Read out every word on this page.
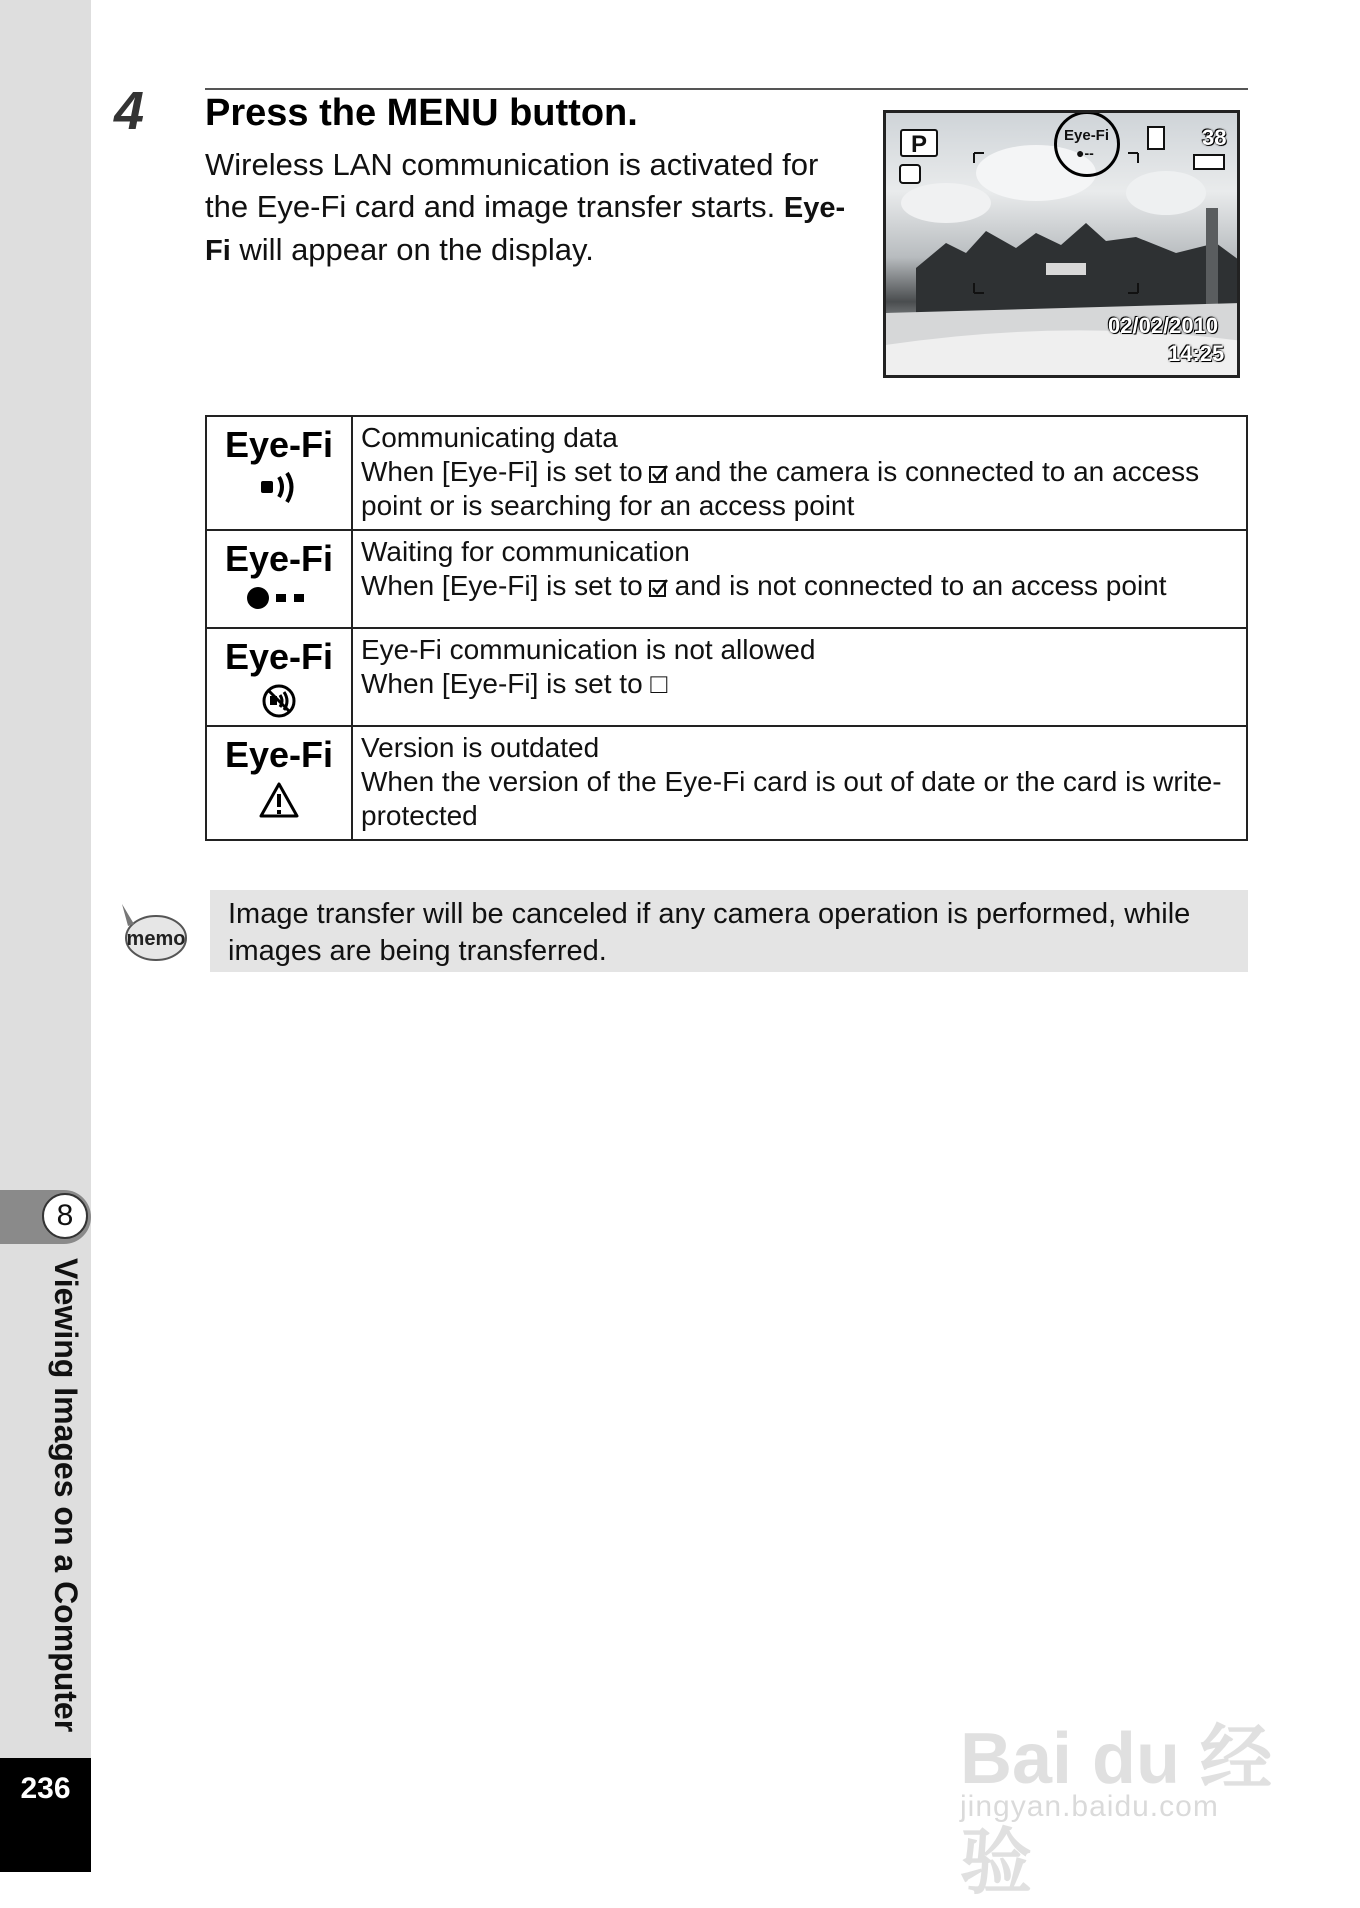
8
Viewing Images on a Computer
236
4 Press the MENU button.
Wireless LAN communication is activated for the Eye-Fi card and image transfer starts. Eye-Fi will appear on the display.
P	Eye-Fi
●--
38
02/02/2010
14:25
Eye-Fi	Communicating data
When [Eye-Fi] is set to and the camera is connected to an access point or is searching for an access point

Eye-Fi	Waiting for communication
When [Eye-Fi] is set to and is not connected to an access point

Eye-Fi	Eye-Fi communication is not allowed
When [Eye-Fi] is set to □

Eye-Fi	Version is outdated
When the version of the Eye-Fi card is out of date or the card is write-protected
memo
Image transfer will be canceled if any camera operation is performed, while images are being transferred.
Bai du 经验
jingyan.baidu.com
